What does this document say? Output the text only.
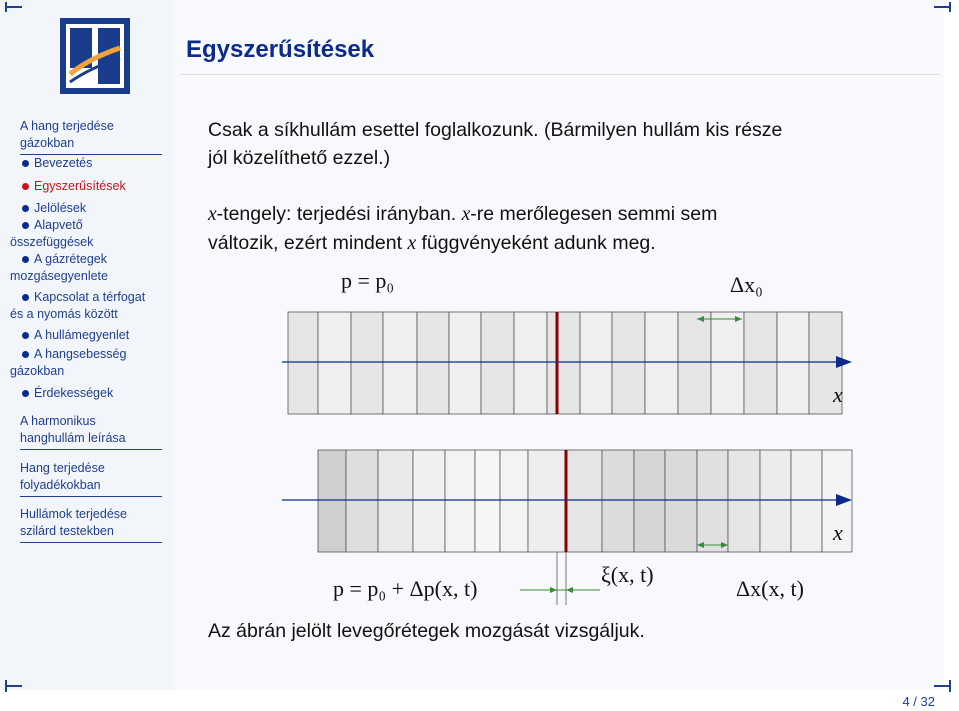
Egyszerűsítések
A hang terjedése
gázokban
Bevezetés
Egyszerűsítések
Jelölések
Alapvető
összefüggések
A gázrétegek
mozgásegyenlete
Kapcsolat a térfogat
és a nyomás között
A hullámegyenlet
A hangsebesség
gázokban
Érdekességek
A harmonikus
hanghullám leírása
Hang terjedése
folyadékokban
Hullámok terjedése
szilárd testekben
Csak a síkhullám esettel foglalkozunk. (Bármilyen hullám kis része
jól közelíthető ezzel.)
x-tengely: terjedési irányban. x-re merőlegesen semmi sem
változik, ezért mindent x függvényeként adunk meg.
p = p₀	Δx₀
x
x
p = p₀ + Δp(x, t)
ξ(x, t)
Δx(x, t)
Az ábrán jelölt levegőrétegek mozgását vizsgáljuk.
4 / 32
